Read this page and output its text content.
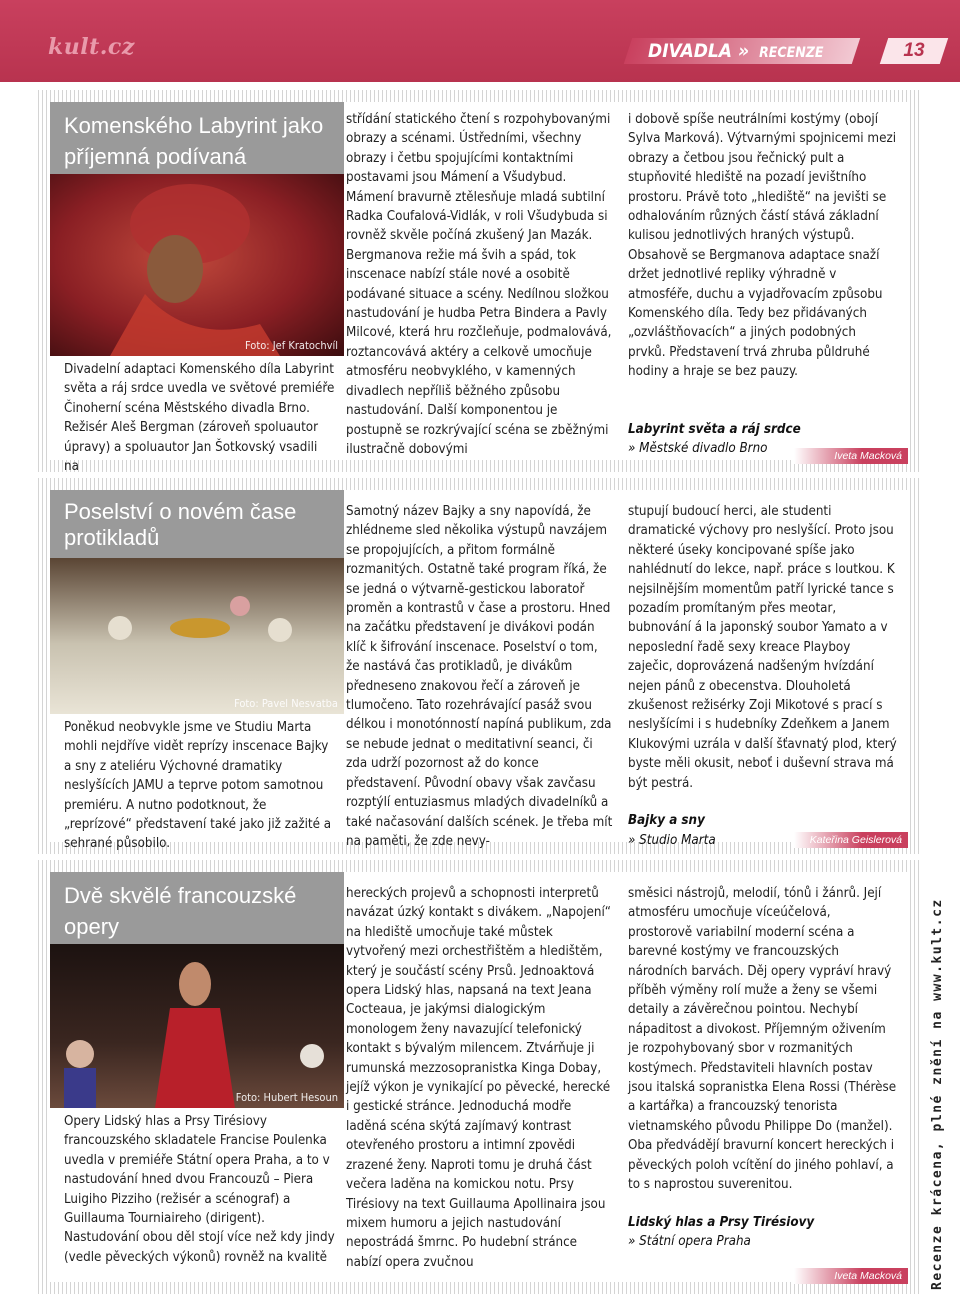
kult.cz	DIVADLA » RECENZE	13
Komenského Labyrint jako příjemná podívaná
Foto: Jef Kratochvíl
Divadelní adaptaci Komenského díla Labyrint světa a ráj srdce uvedla ve světové premiéře Činoherní scéna Městského divadla Brno. Režisér Aleš Bergman (zároveň spoluautor úpravy) a spoluautor Jan Šotkovský vsadili na
střídání statického čtení s rozpohybovanými obrazy a scénami. Ústředními, všechny obrazy i četbu spojujícími kontaktními postavami jsou Mámení a Všudybud. Mámení bravurně ztělesňuje mladá subtilní Radka Coufalová-Vidlák, v roli Všudybuda si rovněž skvěle počíná zkušený Jan Mazák. Bergmanova režie má švih a spád, tok inscenace nabízí stále nové a osobitě podávané situace a scény. Nedílnou složkou nastudování je hudba Petra Bindera a Pavly Milcové, která hru rozčleňuje, podmalovává, roztancovává aktéry a celkově umocňuje atmosféru neobvyklého, v kamenných divadlech nepříliš běžného způsobu nastudování. Další komponentou je postupně se rozkrývající scéna se zběžnými ilustračně dobovými

i dobově spíše neutrálními kostýmy (obojí Sylva Marková). Výtvarnými spojnicemi mezi obrazy a četbou jsou řečnický pult a stupňovité hlediště na pozadí jevištního prostoru. Právě toto „hlediště“ na jevišti se odhalováním různých částí stává základní kulisou jednotlivých hraných výstupů. Obsahově se Bergmanova adaptace snaží držet jednotlivé repliky výhradně v atmosféře, duchu a vyjadřovacím způsobu Komenského díla. Tedy bez přidávaných „ozvláštňovacích“ a jiných podobných prvků. Představení trvá zhruba půldruhé hodiny a hraje se bez pauzy.

Labyrint světa a ráj srdce

» Městské divadlo Brno	Iveta Macková
Poselství o novém čase protikladů
Foto: Pavel Nesvatba
Poněkud neobvykle jsme ve Studiu Marta mohli nejdříve vidět reprízy inscenace Bajky a sny z ateliéru Výchovné dramatiky neslyšících JAMU a teprve potom samotnou premiéru. A nutno podotknout, že „reprízové“ představení také jako již zažité a sehrané působilo.
Samotný název Bajky a sny napovídá, že zhlédneme sled několika výstupů navzájem se propojujících, a přitom formálně rozmanitých. Ostatně také program říká, že se jedná o výtvarně-gestickou laboratoř proměn a kontrastů v čase a prostoru. Hned na začátku představení je divákovi podán klíč k šifrování inscenace. Poselství o tom, že nastává čas protikladů, je divákům předneseno znakovou řečí a zároveň je tlumočeno. Tato rozehrávající pasáž svou délkou i monotónností napíná publikum, zda se nebude jednat o meditativní seanci, či zda udrží pozornost až do konce představení. Původní obavy však zavčasu rozptýlí entuziasmus mladých divadelníků a také načasování dalších scének. Je třeba mít na paměti, že zde nevy-

stupují budoucí herci, ale studenti dramatické výchovy pro neslyšící. Proto jsou některé úseky koncipované spíše jako nahlédnutí do lekce, např. práce s loutkou. K nejsilnějším momentům patří lyrické tance s pozadím promítaným přes meotar, bubnování á la japonský soubor Yamato a v neposlední řadě sexy kreace Playboy zaječic, doprovázená nadšeným hvízdání nejen pánů z obecenstva. Dlouholetá zkušenost režisérky Zoji Mikotové s prací s neslyšícími i s hudebníky Zdeňkem a Janem Klukovými uzrála v další šťavnatý plod, který byste měli okusit, neboť i duševní strava má být pestrá.

Bajky a sny

» Studio Marta	Kateřina Geislerová
Dvě skvělé francouzské opery
Foto: Hubert Hesoun
Opery Lidský hlas a Prsy Tirésiovy francouzského skladatele Francise Poulenka uvedla v premiéře Státní opera Praha, a to v nastudování hned dvou Francouzů – Piera Luigiho Pizziho (režisér a scénograf) a Guillauma Tourniaireho (dirigent). Nastudování obou děl stojí více než kdy jindy (vedle pěveckých výkonů) rovněž na kvalitě
hereckých projevů a schopnosti interpretů navázat úzký kontakt s divákem. „Napojení“ na hlediště umocňuje také můstek vytvořený mezi orchestřištěm a hledištěm, který je součástí scény Prsů. Jednoaktová opera Lidský hlas, napsaná na text Jeana Cocteaua, je jakýmsi dialogickým monologem ženy navazující telefonický kontakt s bývalým milencem. Ztvárňuje ji rumunská mezzosopranistka Kinga Dobay, jejíž výkon je vynikající po pěvecké, herecké i gestické stránce. Jednoduchá modře laděná scéna skýtá zajímavý kontrast otevřeného prostoru a intimní zpovědi zrazené ženy. Naproti tomu je druhá část večera laděna na komickou notu. Prsy Tirésiovy na text Guillauma Apollinaira jsou mixem humoru a jejich nastudování nepostrádá šmrnc. Po hudební stránce nabízí opera zvučnou

směsici nástrojů, melodií, tónů i žánrů. Její atmosféru umocňuje víceúčelová, prostorově variabilní moderní scéna a barevné kostýmy ve francouzských národních barvách. Děj opery vypráví hravý příběh výměny rolí muže a ženy se všemi detaily a závěrečnou pointou. Nechybí nápaditost a divokost. Příjemným oživením je rozpohybovaný sbor v rozmanitých kostýmech. Představiteli hlavních postav jsou italská sopranistka Elena Rossi (Thérèse a kartářka) a francouzský tenorista vietnamského původu Philippe Do (manžel). Oba předvádějí bravurní koncert hereckých i pěveckých poloh vcítění do jiného pohlaví, a to s naprostou suverenitou.

Lidský hlas a Prsy Tirésiovy

» Státní opera Praha

Iveta Macková	Recenze krácena, plné znění na www.kult.cz
